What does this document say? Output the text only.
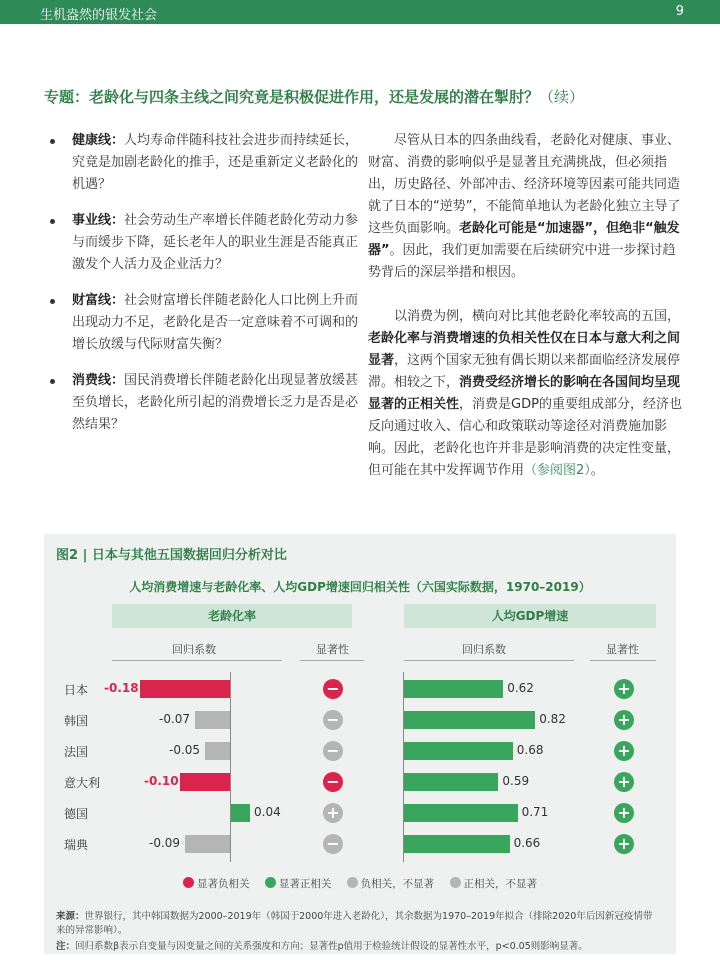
生机盎然的银发社会	9
专题：老龄化与四条主线之间究竟是积极促进作用，还是发展的潜在掣肘？（续）
健康线：人均寿命伴随科技社会进步而持续延长，究竟是加剧老龄化的推手，还是重新定义老龄化的机遇？
事业线：社会劳动生产率增长伴随老龄化劳动力参与而缓步下降，延长老年人的职业生涯是否能真正激发个人活力及企业活力？
财富线：社会财富增长伴随老龄化人口比例上升而出现动力不足，老龄化是否一定意味着不可调和的增长放缓与代际财富失衡？
消费线：国民消费增长伴随老龄化出现显著放缓甚至负增长，老龄化所引起的消费增长乏力是否是必然结果？

尽管从日本的四条曲线看，老龄化对健康、事业、财富、消费的影响似乎是显著且充满挑战，但必须指出，历史路径、外部冲击、经济环境等因素可能共同造就了日本的“逆势”，不能简单地认为老龄化独立主导了这些负面影响。老龄化可能是“加速器”，但绝非“触发器”。因此，我们更加需要在后续研究中进一步探讨趋势背后的深层举措和根因。

以消费为例，横向对比其他老龄化率较高的五国，老龄化率与消费增速的负相关性仅在日本与意大利之间显著，这两个国家无独有偶长期以来都面临经济发展停滞。相较之下，消费受经济增长的影响在各国间均呈现显著的正相关性，消费是GDP的重要组成部分，经济也反向通过收入、信心和政策联动等途径对消费施加影响。因此，老龄化也许并非是影响消费的决定性变量，但可能在其中发挥调节作用（参阅图2）。

图2 | 日本与其他五国数据回归分析对比
人均消费增速与老龄化率、人均GDP增速回归相关性（六国实际数据，1970–2019）
老龄化率	人均GDP增速
回归系数	显著性	回归系数	显著性
日本 -0.18	−	0.62	+
韩国	-0.07	−	0.82	+
法国	-0.05	−	0.68	+
意大利	-0.10	−	0.59	+
德国	0.04	+	0.71	+
瑞典	-0.09	−	0.66	+
显著负相关	显著正相关	负相关，不显著	正相关，不显著
来源：世界银行，其中韩国数据为2000–2019年（韩国于2000年进入老龄化），其余数据为1970–2019年拟合（排除2020年后因新冠疫情带来的异常影响）。
注：回归系数β表示自变量与因变量之间的关系强度和方向；显著性p值用于检验统计假设的显著性水平，p<0.05则影响显著。
